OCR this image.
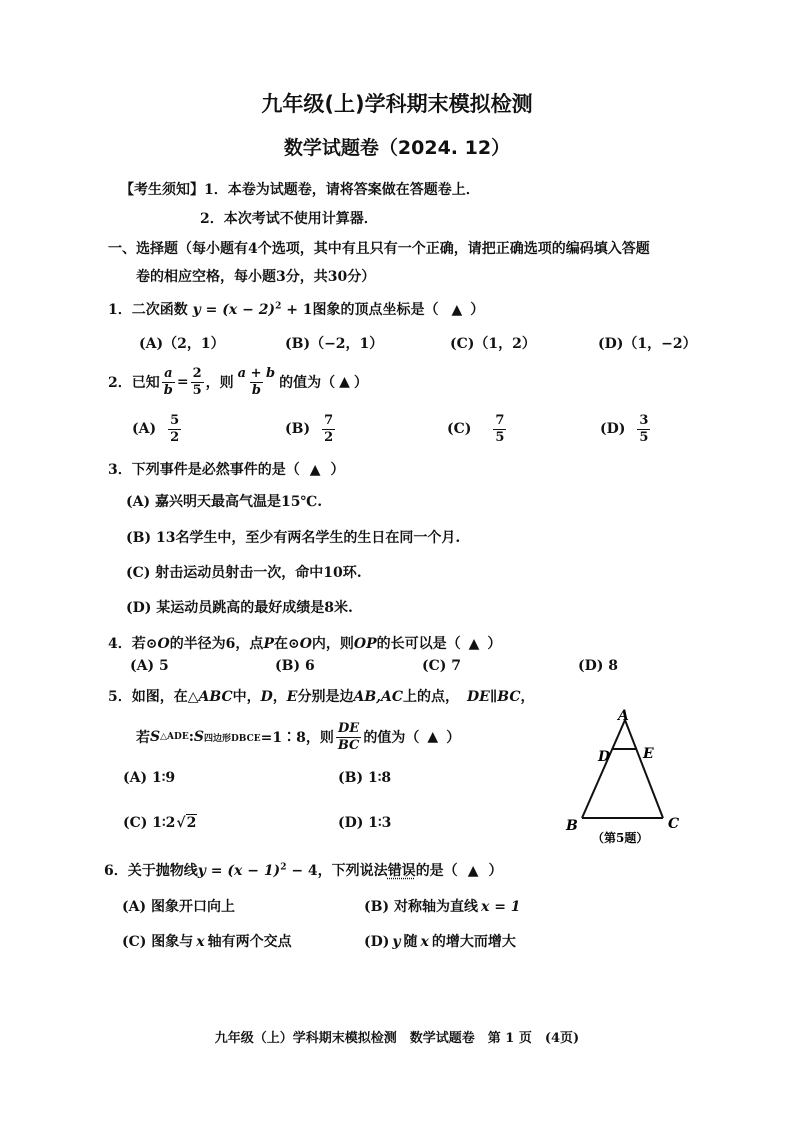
九年级(上)学科期末模拟检测
数学试题卷（2024. 12）
【考生须知】1．本卷为试题卷，请将答案做在答题卷上．
2．本次考试不使用计算器．
一、选择题（每小题有4个选项，其中有且只有一个正确，请把正确选项的编码填入答题
卷的相应空格，每小题3分，共30分）
1．二次函数 $y = (x - 2)^2 + 1$图象的顶点坐标是（ ▲ ）
(A)（2，1）	(B)（−2，1）	(C)（1，2）	(D)（1，−2）
2． 已知 $\frac{a}{b} = \frac{2}{5}$ ，则 $\frac{a + b}{b}$ 的值为（ ▲ ）
$(A) \frac{5}{2}$	$(B) \frac{7}{2}$	$(C) \frac{7}{5}$	$(D) \frac{3}{5}$
3．下列事件是必然事件的是（ ▲ ）
(A) 嘉兴明天最高气温是15℃.
(B) 13名学生中，至少有两名学生的生日在同一个月.
(C) 射击运动员射击一次，命中10环.
(D) 某运动员跳高的最好成绩是8米.
4．若⊙O的半径为6，点P在⊙O内，则OP的长可以是（ ▲ ）
(A) 5	(B) 6	(C) 7	(D) 8
5．如图，在△ABC中，D，E分别是边AB,AC上的点， DE∥BC，
若 S △ADE : S 四边形DBCE =1∶8，则 $\frac{DE}{BC}$ 的值为（ ▲ ）
(A) 1∶9	(B) 1∶8
(C) 1∶2√2	(D) 1∶3
A
D E
B	C
（第5题）
6．关于抛物线$y = (x - 1)^2 - 4$，下列说法错误的是（ ▲ ）
(A) 图象开口向上	(B) 对称轴为直线 x = 1
(C) 图象与 x 轴有两个交点	(D) y 随 x 的增大而增大
九年级（上）学科期末模拟检测　数学试题卷　第 1 页　(4页)
